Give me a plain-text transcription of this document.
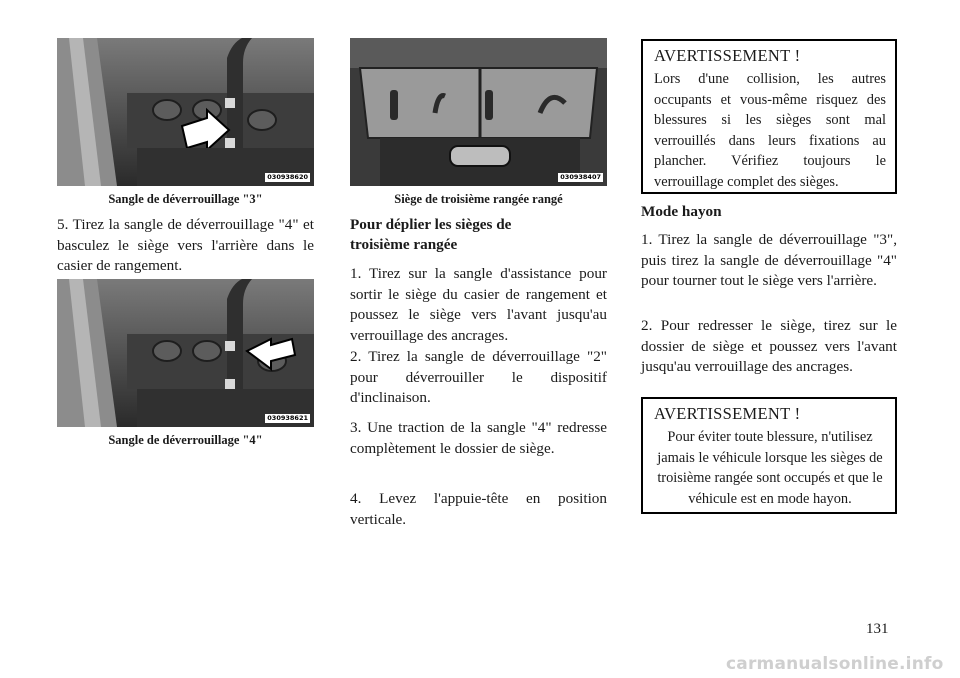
030938620
Sangle de déverrouillage "3"

5. Tirez la sangle de déverrouillage "4" et basculez le siège vers l'arrière dans le casier de rangement.

030938621
Sangle de déverrouillage "4"
030938407
Siège de troisième rangée rangé
Pour déplier les sièges de troisième rangée

1. Tirez sur la sangle d'assistance pour sortir le siège du casier de rangement et poussez le siège vers l'avant jusqu'au verrouillage des ancrages.

2. Tirez la sangle de déverrouillage "2" pour déverrouiller le dispositif d'inclinaison.

3. Une traction de la sangle "4" redresse complètement le dossier de siège.

4. Levez l'appuie-tête en position verticale.

AVERTISSEMENT !

Lors d'une collision, les autres occupants et vous-même risquez des blessures si les sièges sont mal verrouillés dans leurs fixations au plancher. Vérifiez toujours le verrouillage complet des sièges.

Mode hayon

1. Tirez la sangle de déverrouillage "3", puis tirez la sangle de déverrouillage "4" pour tourner tout le siège vers l'arrière.

2. Pour redresser le siège, tirez sur le dossier de siège et poussez vers l'avant jusqu'au verrouillage des ancrages.

AVERTISSEMENT !

Pour éviter toute blessure, n'utilisez jamais le véhicule lorsque les sièges de troisième rangée sont occupés et que le véhicule est en mode hayon.

131
carmanualsonline.info
